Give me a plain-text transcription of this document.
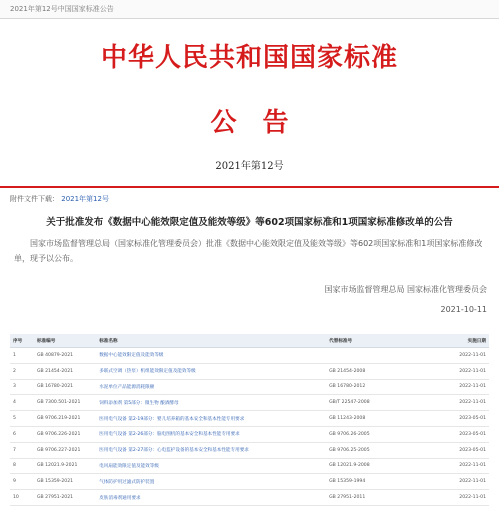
2021年第12号中国国家标准公告
中华人民共和国国家标准
公告
2021年第12号
附件文件下载： 2021年第12号
关于批准发布《数据中心能效限定值及能效等级》等602项国家标准和1项国家标准修改单的公告
国家市场监督管理总局（国家标准化管理委员会）批准《数据中心能效限定值及能效等级》等602项国家标准和1项国家标准修改单，现予以公布。
国家市场监督管理总局 国家标准化管理委员会
2021-10-11
序号	标准编号	标准名称	代替标准号	实施日期
1	GB 40879-2021	数据中心能效限定值及能效等级		2022-11-01
2	GB 21454-2021	多联式空调（热泵）机组能效限定值及能效等级	GB 21454-2008	2022-11-01
3	GB 16780-2021	水泥单位产品能源消耗限额	GB 16780-2012	2022-11-01
4	GB 7300.501-2021	饲料添加剂 第5部分：微生物 酿酒酵母	GB/T 22547-2008	2022-11-01
5	GB 9706.219-2021	医用电气设备 第2-19部分：婴儿培养箱的基本安全和基本性能专用要求	GB 11243-2008	2023-05-01
6	GB 9706.226-2021	医用电气设备 第2-26部分：脑电图机的基本安全和基本性能专用要求	GB 9706.26-2005	2023-05-01
7	GB 9706.227-2021	医用电气设备 第2-27部分：心电监护设备的基本安全和基本性能专用要求	GB 9706.25-2005	2023-05-01
8	GB 12021.9-2021	电风扇能效限定值及能效等级	GB 12021.9-2008	2022-11-01
9	GB 15359-2021	气体防护用过滤式防护装置	GB 15359-1994	2022-11-01
10	GB 27951-2021	皮肤消毒剂通用要求	GB 27951-2011	2022-11-01
